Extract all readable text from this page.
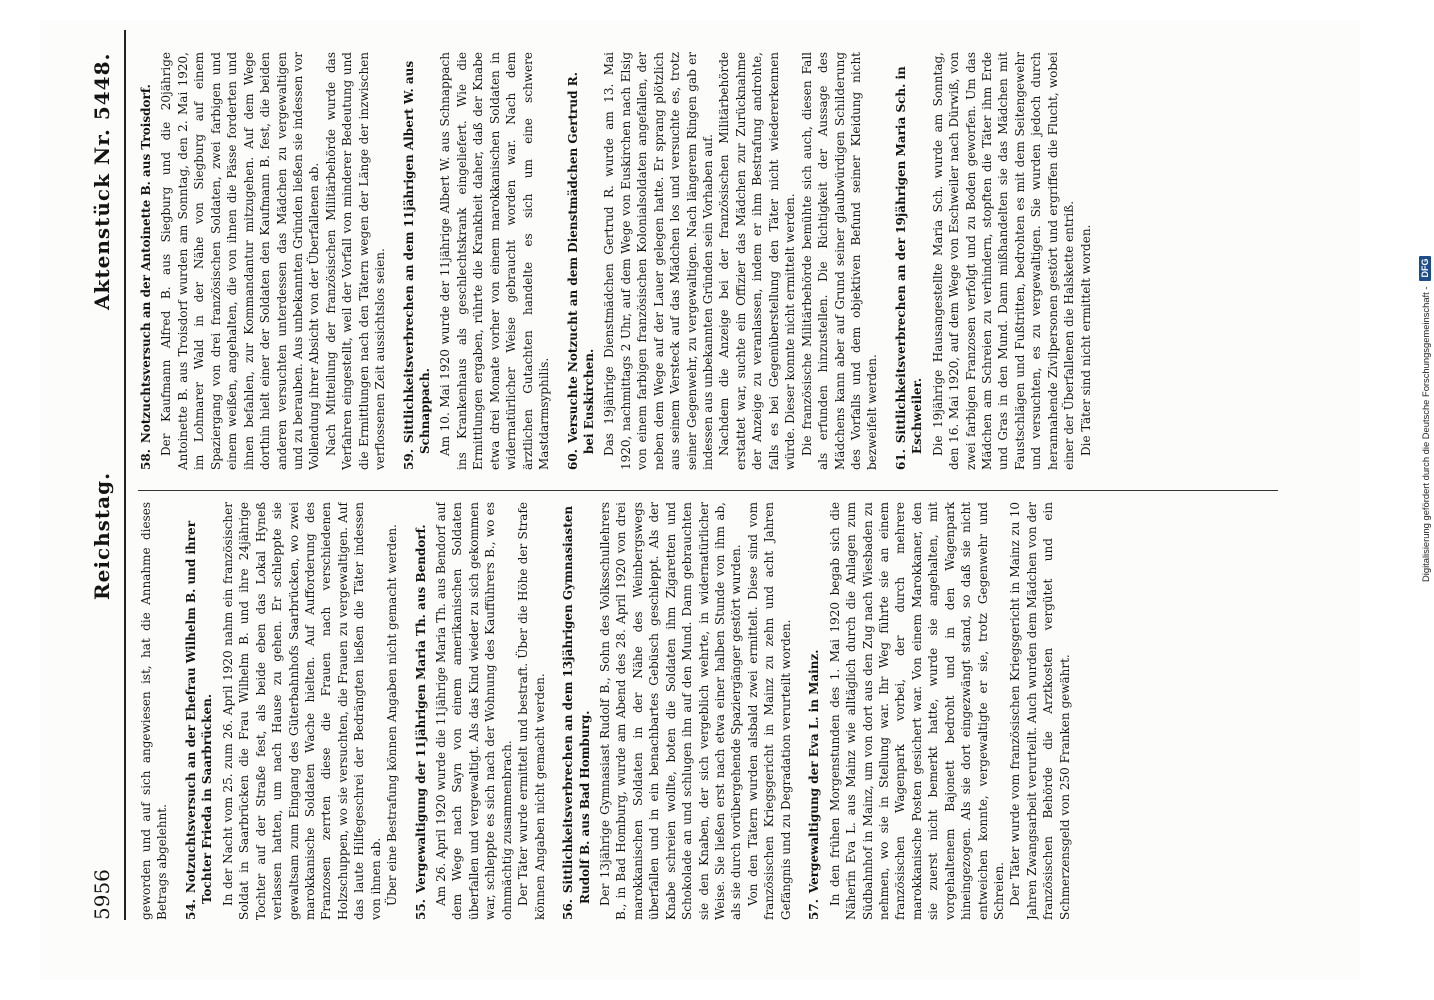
5956
Reichstag.
Aktenstück Nr. 5448.

geworden und auf sich angewiesen ist, hat die Annahme dieses Betrags abgelehnt. 54.Notzuchtsversuch an der Ehefrau Wilhelm B. und ihrer Tochter Frieda in Saarbrücken. In der Nacht vom 25. zum 26. April 1920 nahm ein französischer Soldat in Saarbrücken die Frau Wilhelm B. und ihre 24jährige Tochter auf der Straße fest, als beide eben das Lokal Hyneß verlassen hatten, um nach Hause zu gehen. Er schleppte sie gewaltsam zum Eingang des Güterbahnhofs Saarbrücken, wo zwei marokkanische Soldaten Wache hielten. Auf Aufforderung des Franzosen zerrten diese die Frauen nach verschiedenen Holzschuppen, wo sie versuchten, die Frauen zu vergewaltigen. Auf das laute Hilfegeschrei der Bedrängten ließen die Täter indessen von ihnen ab. Über eine Bestrafung können Angaben nicht gemacht werden.

55.Vergewaltigung der 11jährigen Maria Th. aus Bendorf. Am 26. April 1920 wurde die 11jährige Maria Th. aus Bendorf auf dem Wege nach Sayn von einem amerikanischen Soldaten überfallen und vergewaltigt. Als das Kind wieder zu sich gekommen war, schleppte es sich nach der Wohnung des Kaufführers B., wo es ohnmächtig zusammenbrach. Der Täter wurde ermittelt und bestraft. Über die Höhe der Strafe können Angaben nicht gemacht werden. 56.Sittlichkeitsverbrechen an dem 13jährigen Gymnasiasten Rudolf B. aus Bad Homburg. Der 13jährige Gymnasiast Rudolf B., Sohn des Volksschullehrers B., in Bad Homburg, wurde am Abend des 28. April 1920 von drei marokkanischen Soldaten in der Nähe des Weinbergswegs überfallen und in ein benachbartes Gebüsch geschleppt. Als der Knabe schreien wollte, boten die Soldaten ihm Zigaretten und Schokolade an und schlugen ihn auf den Mund. Dann gebrauchten sie den Knaben, der sich vergeblich wehrte, in widernatürlicher Weise. Sie ließen erst nach etwa einer halben Stunde von ihm ab, als sie durch vorübergehende Spaziergänger gestört wurden. Von den Tätern wurden alsbald zwei ermittelt. Diese sind vom französischen Kriegsgericht in Mainz zu zehn und acht Jahren Gefängnis und zu Degradation verurteilt worden. 57.Vergewaltigung der Eva L. in Mainz. In den frühen Morgenstunden des 1. Mai 1920 begab sich die Näherin Eva L. aus Mainz wie alltäglich durch die Anlagen zum Südbahnhof in Mainz, um von dort aus den Zug nach Wiesbaden zu nehmen, wo sie in Stellung war. Ihr Weg führte sie an einem französischen Wagenpark vorbei, der durch mehrere marokkanische Posten gesichert war. Von einem Marokkaner, den sie zuerst nicht bemerkt hatte, wurde sie angehalten, mit vorgehaltenem Bajonett bedroht und in den Wagenpark hineingezogen. Als sie dort eingezwängt stand, so daß sie nicht entweichen konnte, vergewaltigte er sie, trotz Gegenwehr und Schreien. Der Täter wurde vom französischen Kriegsgericht in Mainz zu 10 Jahren Zwangsarbeit verurteilt. Auch wurden dem Mädchen von der französischen Behörde die Arztkosten vergütet und ein Schmerzensgeld von 250 Franken gewährt.

58.Notzuchtsversuch an der Antoinette B. aus Troisdorf. Der Kaufmann Alfred B. aus Siegburg und die 20jährige Antoinette B. aus Troisdorf wurden am Sonntag, den 2. Mai 1920, im Lohmarer Wald in der Nähe von Siegburg auf einem Spaziergang von drei französischen Soldaten, zwei farbigen und einem weißen, angehalten, die von ihnen die Pässe forderten und ihnen befahlen, zur Kommandantur mitzugehen. Auf dem Wege dorthin hielt einer der Soldaten den Kaufmann B. fest, die beiden anderen versuchten unterdessen das Mädchen zu vergewaltigen und zu berauben. Aus unbekannten Gründen ließen sie indessen vor Vollendung ihrer Absicht von der Überfallenen ab. Nach Mitteilung der französischen Militärbehörde wurde das Verfahren eingestellt, weil der Vorfall von minderer Bedeutung und die Ermittlungen nach den Tätern wegen der Länge der inzwischen verflossenen Zeit aussichtslos seien. 59.Sittlichkeitsverbrechen an dem 11jährigen Albert W. aus Schnappach. Am 10. Mai 1920 wurde der 11jährige Albert W. aus Schnappach ins Krankenhaus als geschlechtskrank eingeliefert. Wie die Ermittlungen ergaben, rührte die Krankheit daher, daß der Knabe etwa drei Monate vorher von einem marokkanischen Soldaten in widernatürlicher Weise gebraucht worden war. Nach dem ärztlichen Gutachten handelte es sich um eine schwere Mastdarmsyphilis. 60.Versuchte Notzucht an dem Dienstmädchen Gertrud R. bei Euskirchen. Das 19jährige Dienstmädchen Gertrud R. wurde am 13. Mai 1920, nachmittags 2 Uhr, auf dem Wege von Euskirchen nach Elsig von einem farbigen französischen Kolonialsoldaten angefallen, der neben dem Wege auf der Lauer gelegen hatte. Er sprang plötzlich aus seinem Versteck auf das Mädchen los und versuchte es, trotz seiner Gegenwehr, zu vergewaltigen. Nach längerem Ringen gab er indessen aus unbekannten Gründen sein Vorhaben auf. Nachdem die Anzeige bei der französischen Militärbehörde erstattet war, suchte ein Offizier das Mädchen zur Zurücknahme der Anzeige zu veranlassen, indem er ihm Bestrafung androhte, falls es bei Gegenüberstellung den Täter nicht wiedererkennen würde. Dieser konnte nicht ermittelt werden. Die französische Militärbehörde bemühte sich auch, diesen Fall als erfunden hinzustellen. Die Richtigkeit der Aussage des Mädchens kann aber auf Grund seiner glaubwürdigen Schilderung des Vorfalls und dem objektiven Befund seiner Kleidung nicht bezweifelt werden. 61.Sittlichkeitsverbrechen an der 19jährigen Maria Sch. in Eschweiler. Die 19jährige Hausangestellte Maria Sch. wurde am Sonntag, den 16. Mai 1920, auf dem Wege von Eschweiler nach Dürwiß, von zwei farbigen Franzosen verfolgt und zu Boden geworfen. Um das Mädchen am Schreien zu verhindern, stopften die Täter ihm Erde und Gras in den Mund. Dann mißhandelten sie das Mädchen mit Faustschlägen und Fußtritten, bedrohten es mit dem Seitengewehr und versuchten, es zu vergewaltigen. Sie wurden jedoch durch herannahende Zivilpersonen gestört und ergriffen die Flucht, wobei einer der Überfallenen die Halskette entriß. Die Täter sind nicht ermittelt worden.	Digitalisierung gefördert durch die Deutsche Forschungsgemeinschaft -
DFG
